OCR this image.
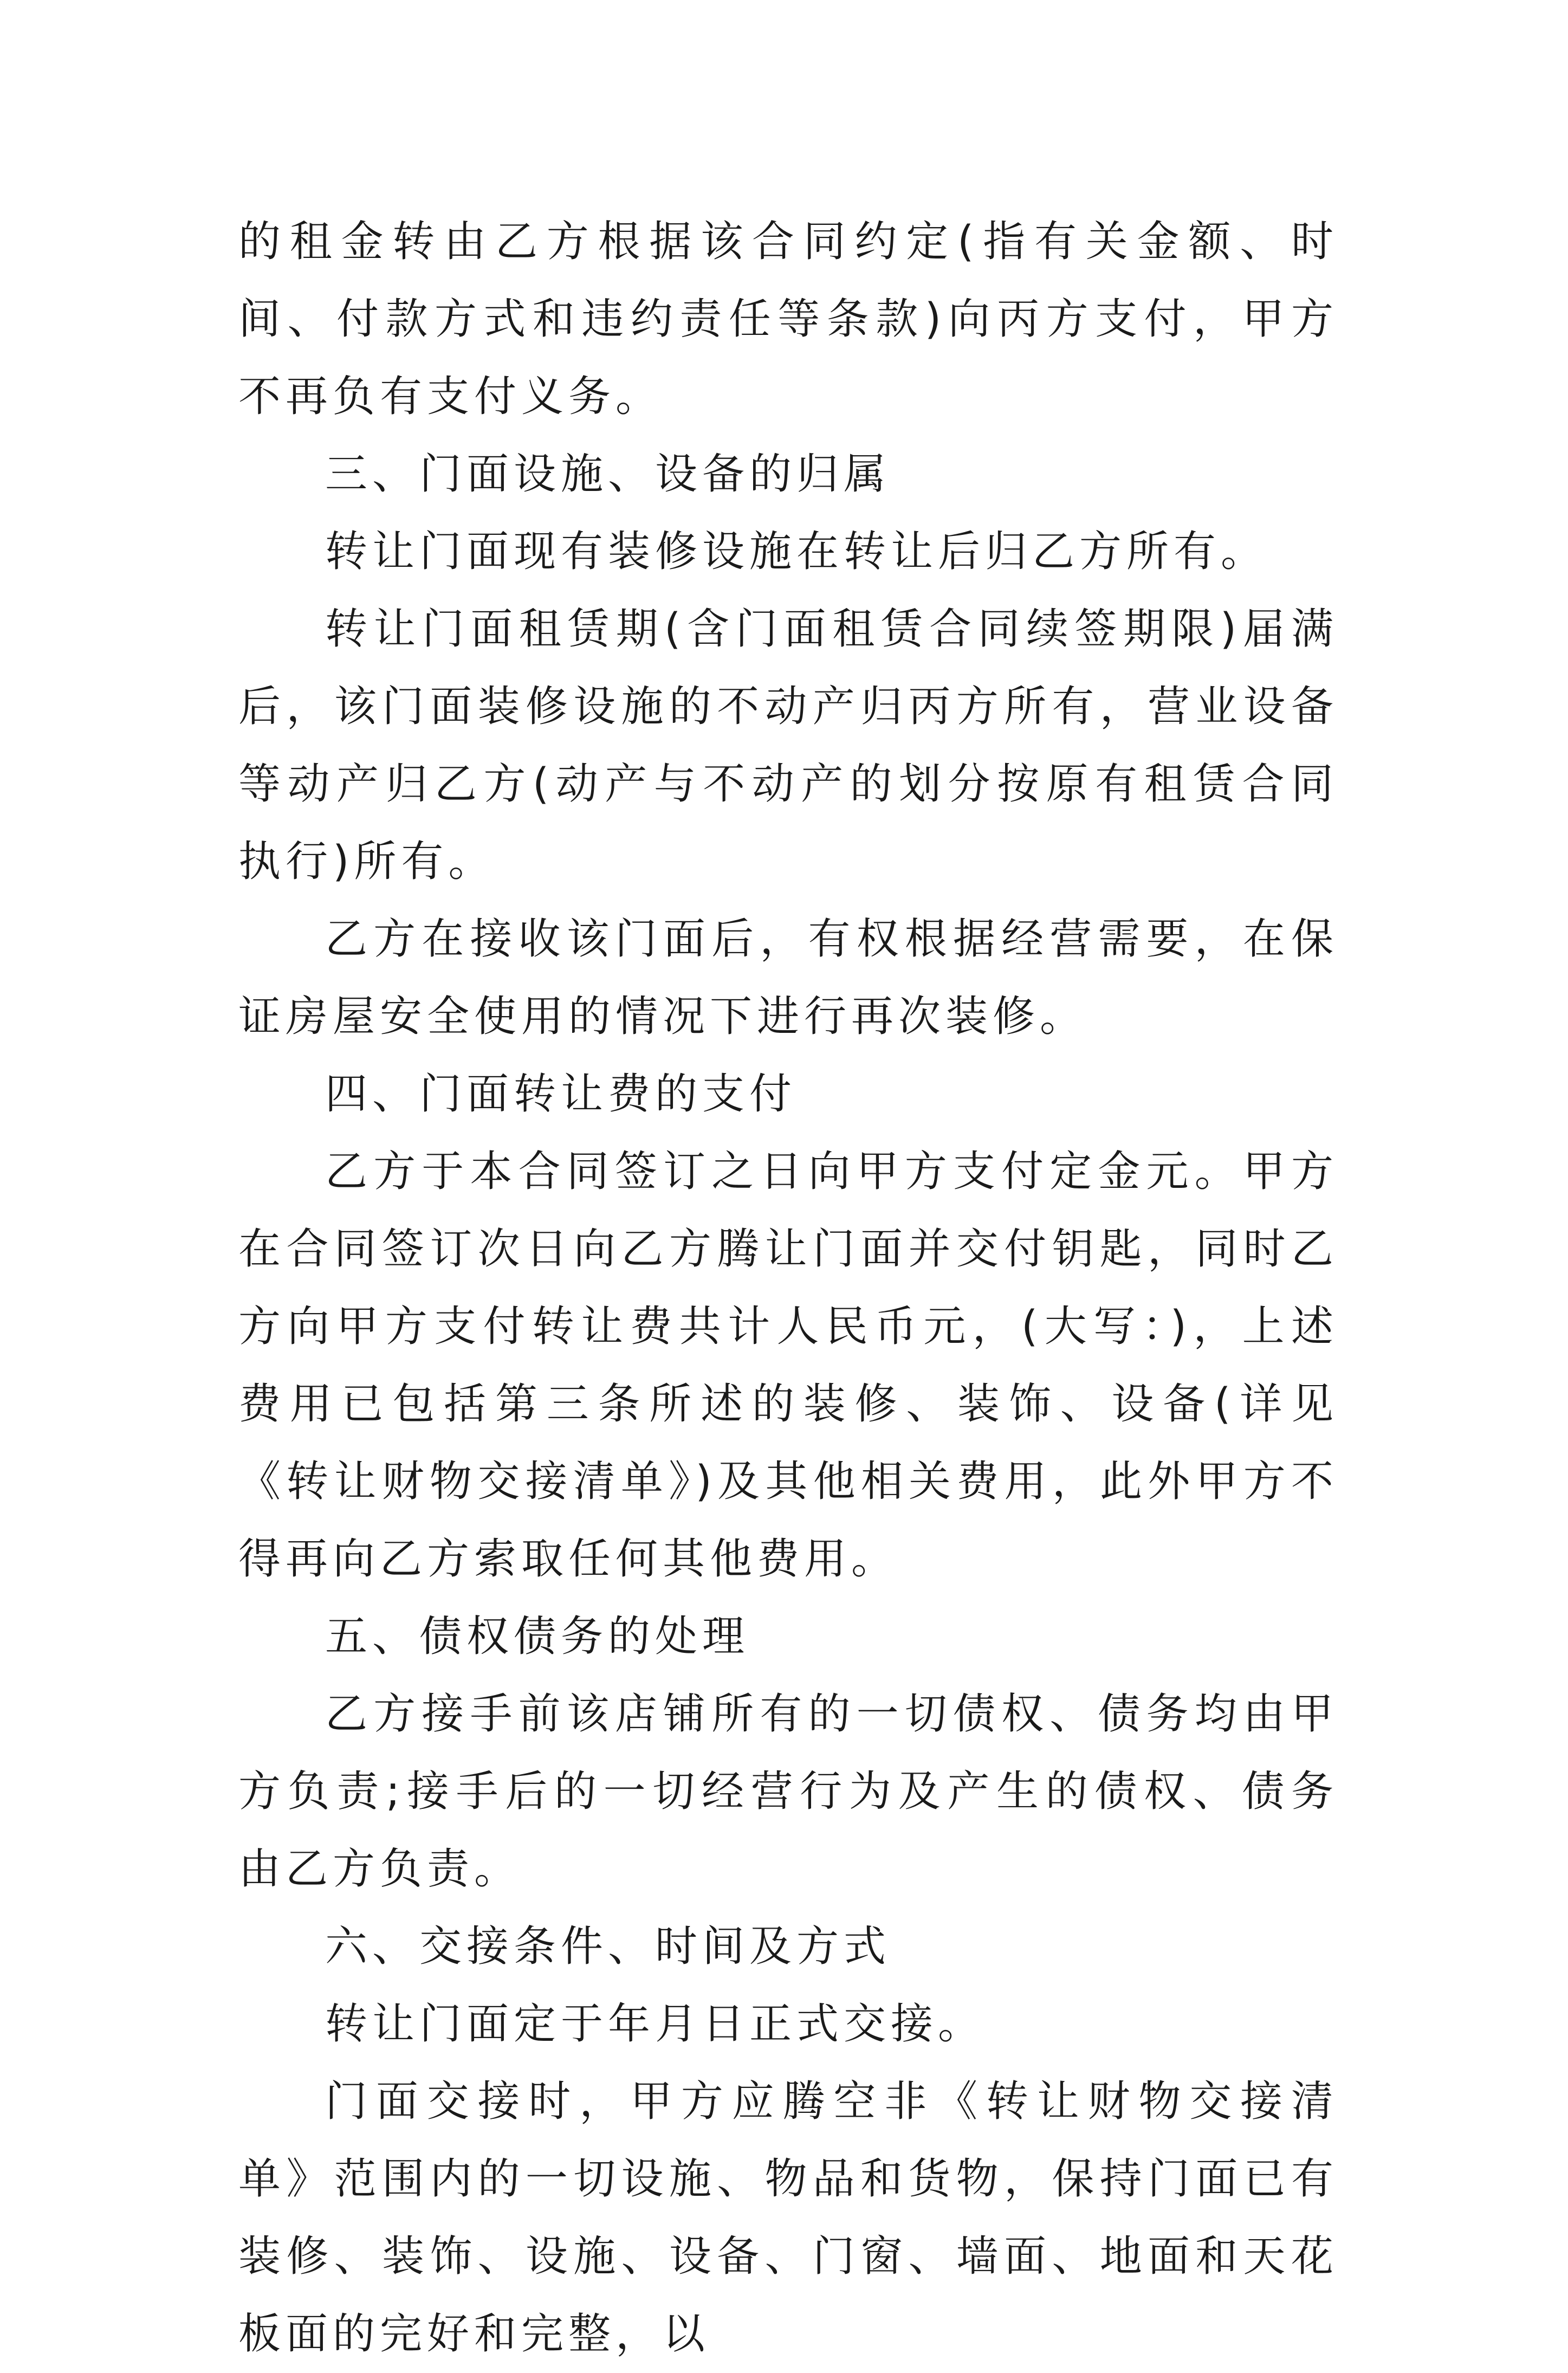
的租金转由乙方根据该合同约定(指有关金额、时间、付款方式和违约责任等条款)向丙方支付，甲方不再负有支付义务。

三、门面设施、设备的归属

转让门面现有装修设施在转让后归乙方所有。

转让门面租赁期(含门面租赁合同续签期限)届满后，该门面装修设施的不动产归丙方所有，营业设备等动产归乙方(动产与不动产的划分按原有租赁合同执行)所有。

乙方在接收该门面后，有权根据经营需要，在保证房屋安全使用的情况下进行再次装修。

四、门面转让费的支付

乙方于本合同签订之日向甲方支付定金元。甲方在合同签订次日向乙方腾让门面并交付钥匙，同时乙方向甲方支付转让费共计人民币元，(大写：)，上述费用已包括第三条所述的装修、装饰、设备(详见《转让财物交接清单》)及其他相关费用，此外甲方不得再向乙方索取任何其他费用。

五、债权债务的处理

乙方接手前该店铺所有的一切债权、债务均由甲方负责;接手后的一切经营行为及产生的债权、债务由乙方负责。

六、交接条件、时间及方式

转让门面定于年月日正式交接。

门面交接时，甲方应腾空非《转让财物交接清单》范围内的一切设施、物品和货物，保持门面已有装修、装饰、设施、设备、门窗、墙面、地面和天花板面的完好和完整，以
